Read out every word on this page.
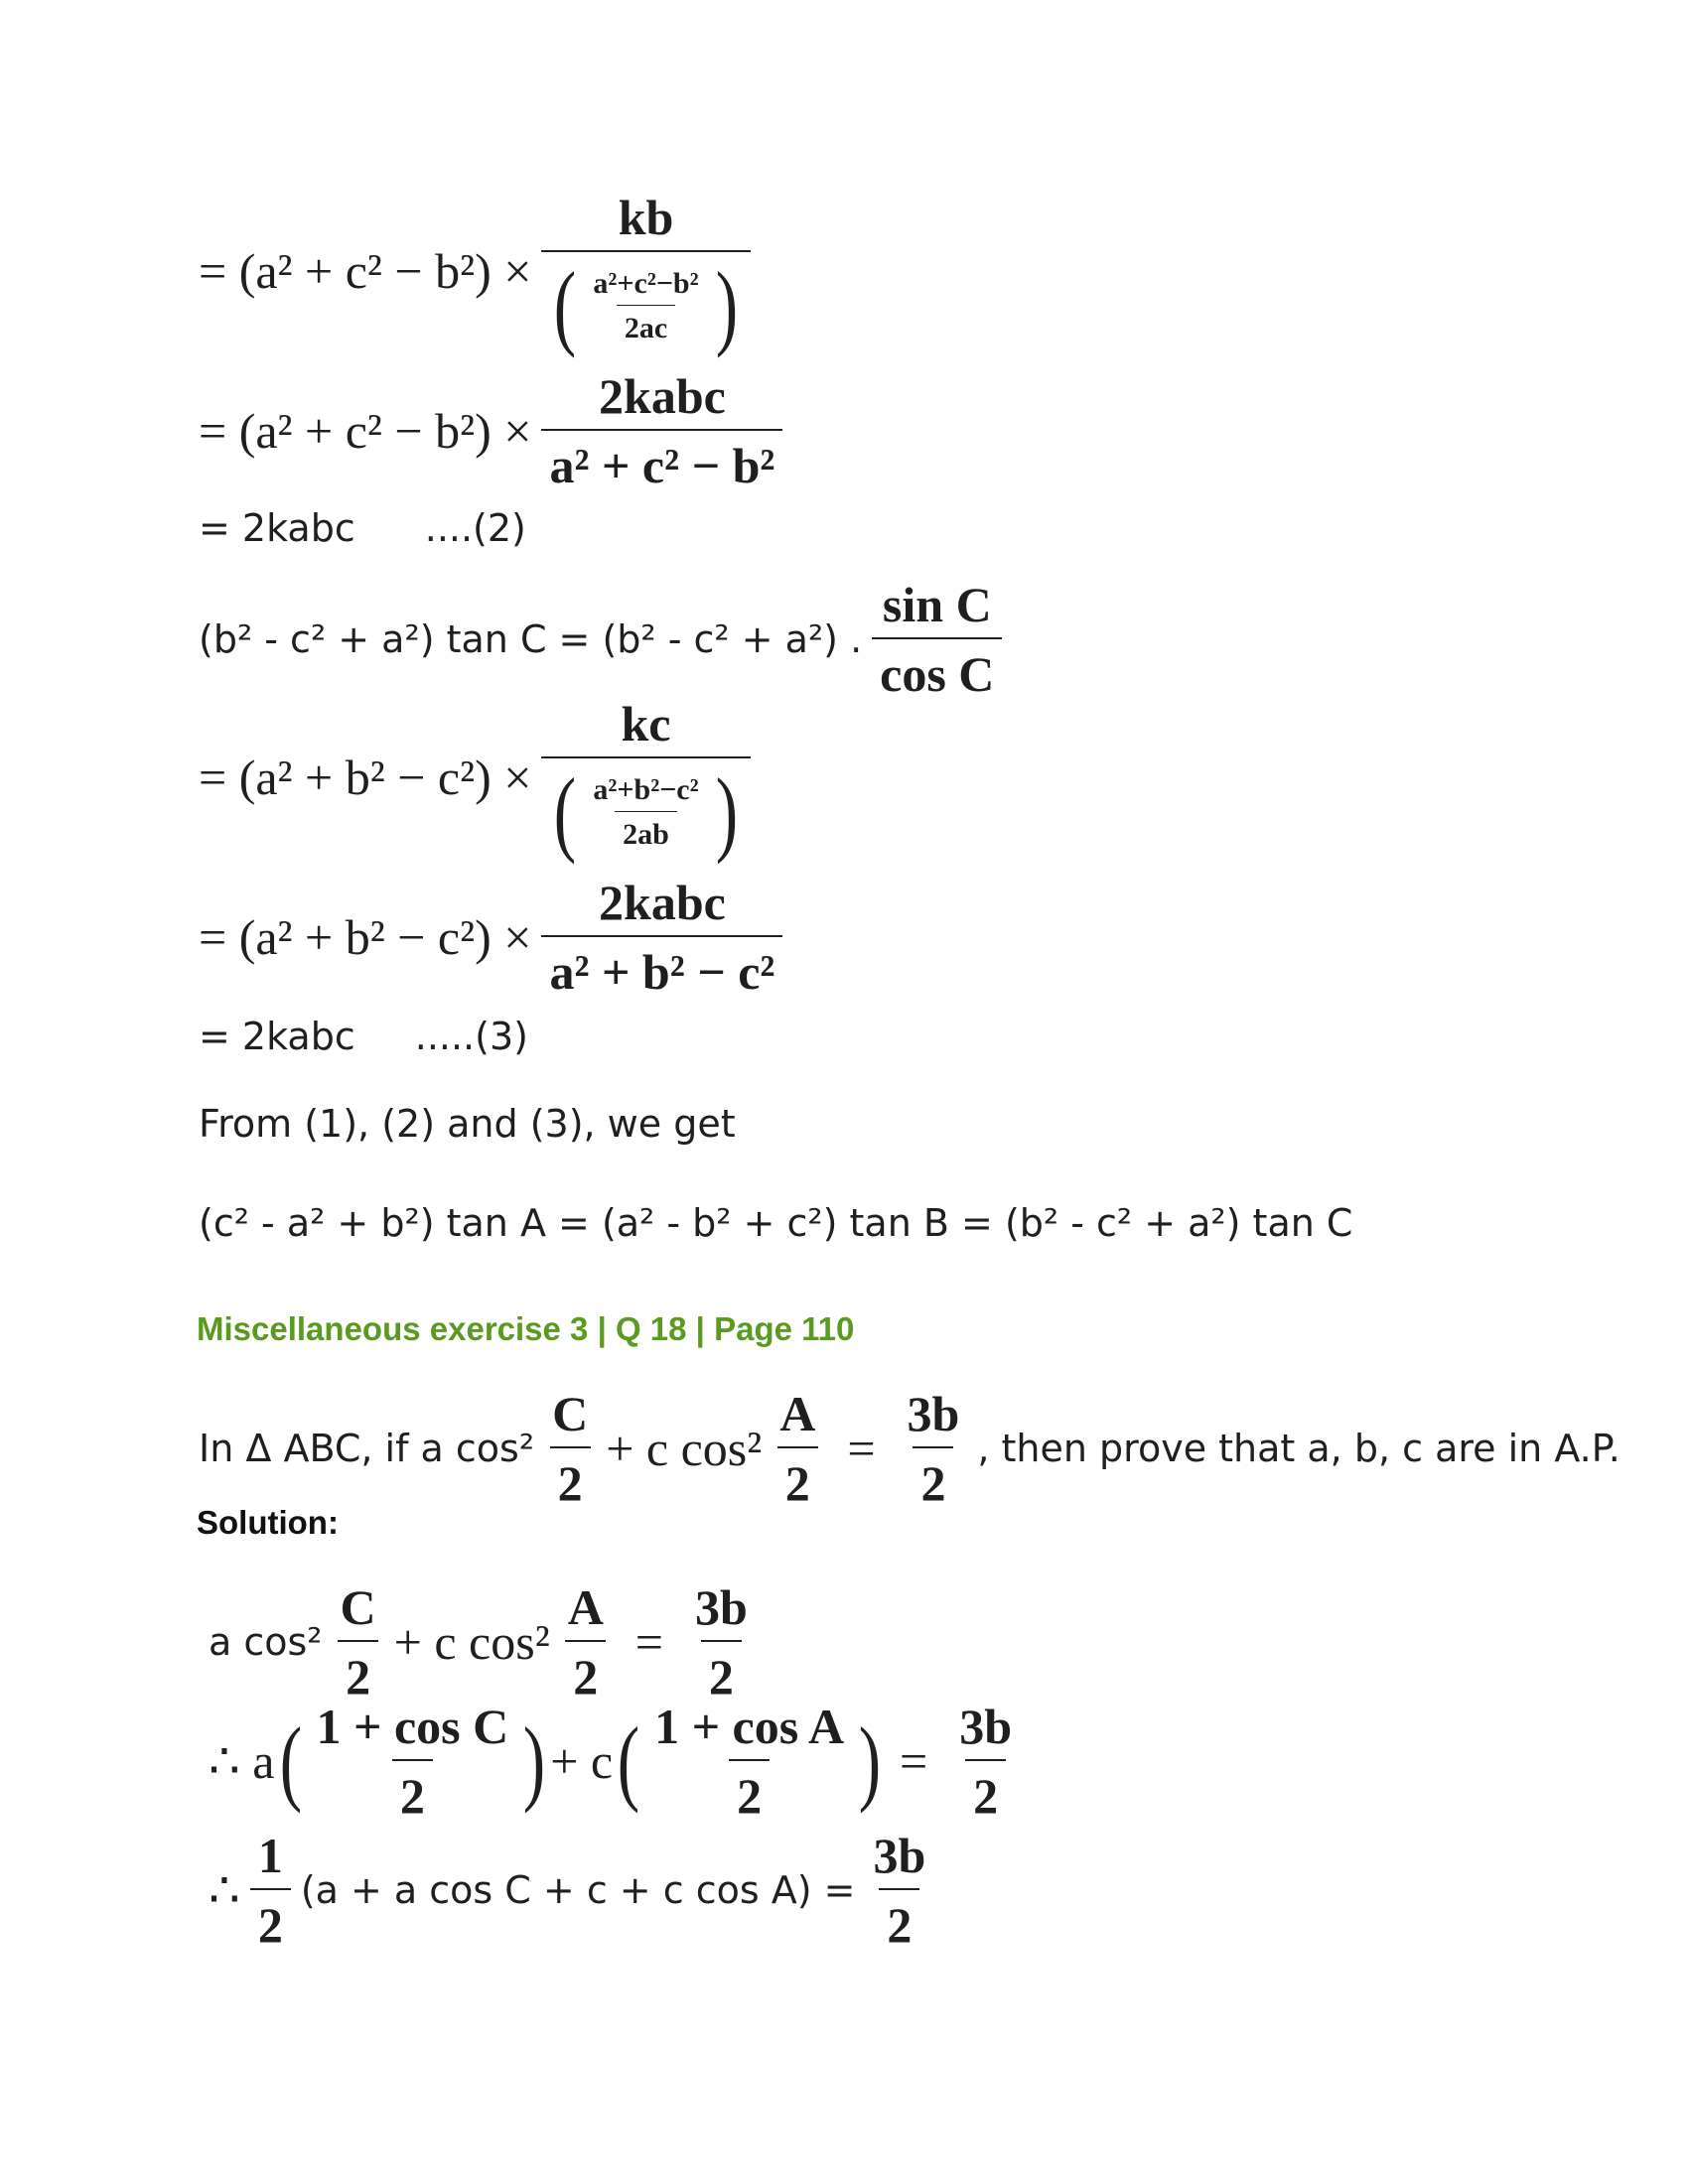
= (a² + c² − b²) ×
kb
( $\frac{\text{a²+c²−b²}}{2ac}$ )
= $(a^2 + c^2 - b^2) \times \frac{\text{2kabc}}{\text{a² + c² − b²}}$
= 2kabc ....(2)
(b² - c² + a²) tan C = (b² - c² + a²) . $\frac{\text{sin C}}{\text{cos C}}$
= (a² + b² − c²) ×
kc
( $\frac{\text{a²+b²−c²}}{2ab}$ )
= $(a^2 + b^2 - c^2) \times \frac{\text{2kabc}}{\text{a² + b² − c²}}$
= 2kabc .....(3)
From (1), (2) and (3), we get
(c² - a² + b²) tan A = (a² - b² + c²) tan B = (b² - c² + a²) tan C
Miscellaneous exercise 3 | Q 18 | Page 110
In Δ ABC, if a $\cos^2 \frac{C}{2} + c$ $\cos^2 \frac{A}{2} = \frac{3b}{2}$ , then prove that a, b, c are in A.P.
Solution:
a $\cos^2 \frac{C}{2} + c$ $\cos^2 \frac{A}{2} = \frac{3b}{2}$
∴ a ( $\frac{\text{1 + cos C}}{2}$ ) + c ( $\frac{\text{1 + cos A}}{2}$ ) = $\frac{3b}{2}$
∴ $\frac{1}{2} (a + a$ cos C + c + c $\cos A) = \frac{3b}{2}$
